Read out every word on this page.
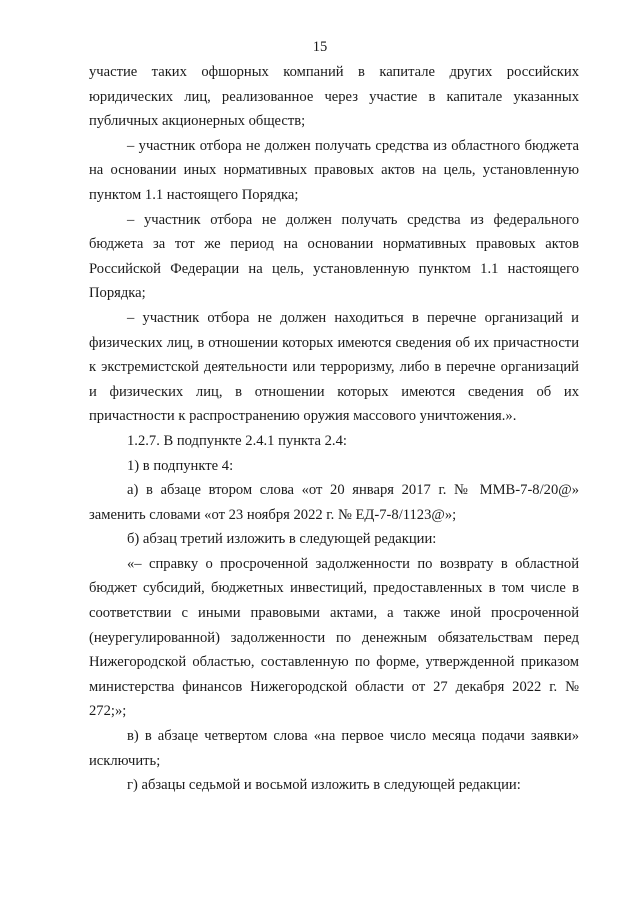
15

участие таких офшорных компаний в капитале других российских юридических лиц, реализованное через участие в капитале указанных публичных акционерных обществ;

– участник отбора не должен получать средства из областного бюджета на основании иных нормативных правовых актов на цель, установленную пунктом 1.1 настоящего Порядка;

– участник отбора не должен получать средства из федерального бюджета за тот же период на основании нормативных правовых актов Российской Федерации на цель, установленную пунктом 1.1 настоящего Порядка;

– участник отбора не должен находиться в перечне организаций и физических лиц, в отношении которых имеются сведения об их причастности к экстремистской деятельности или терроризму, либо в перечне организаций и физических лиц, в отношении которых имеются сведения об их причастности к распространению оружия массового уничтожения.».

1.2.7. В подпункте 2.4.1 пункта 2.4:

1) в подпункте 4:

а) в абзаце втором слова «от 20 января 2017 г. № ММВ-7-8/20@» заменить словами «от 23 ноября 2022 г. № ЕД-7-8/1123@»;

б) абзац третий изложить в следующей редакции:

«– справку о просроченной задолженности по возврату в областной бюджет субсидий, бюджетных инвестиций, предоставленных в том числе в соответствии с иными правовыми актами, а также иной просроченной (неурегулированной) задолженности по денежным обязательствам перед Нижегородской областью, составленную по форме, утвержденной приказом министерства финансов Нижегородской области от 27 декабря 2022 г. № 272;»;

в) в абзаце четвертом слова «на первое число месяца подачи заявки» исключить;

г) абзацы седьмой и восьмой изложить в следующей редакции:
